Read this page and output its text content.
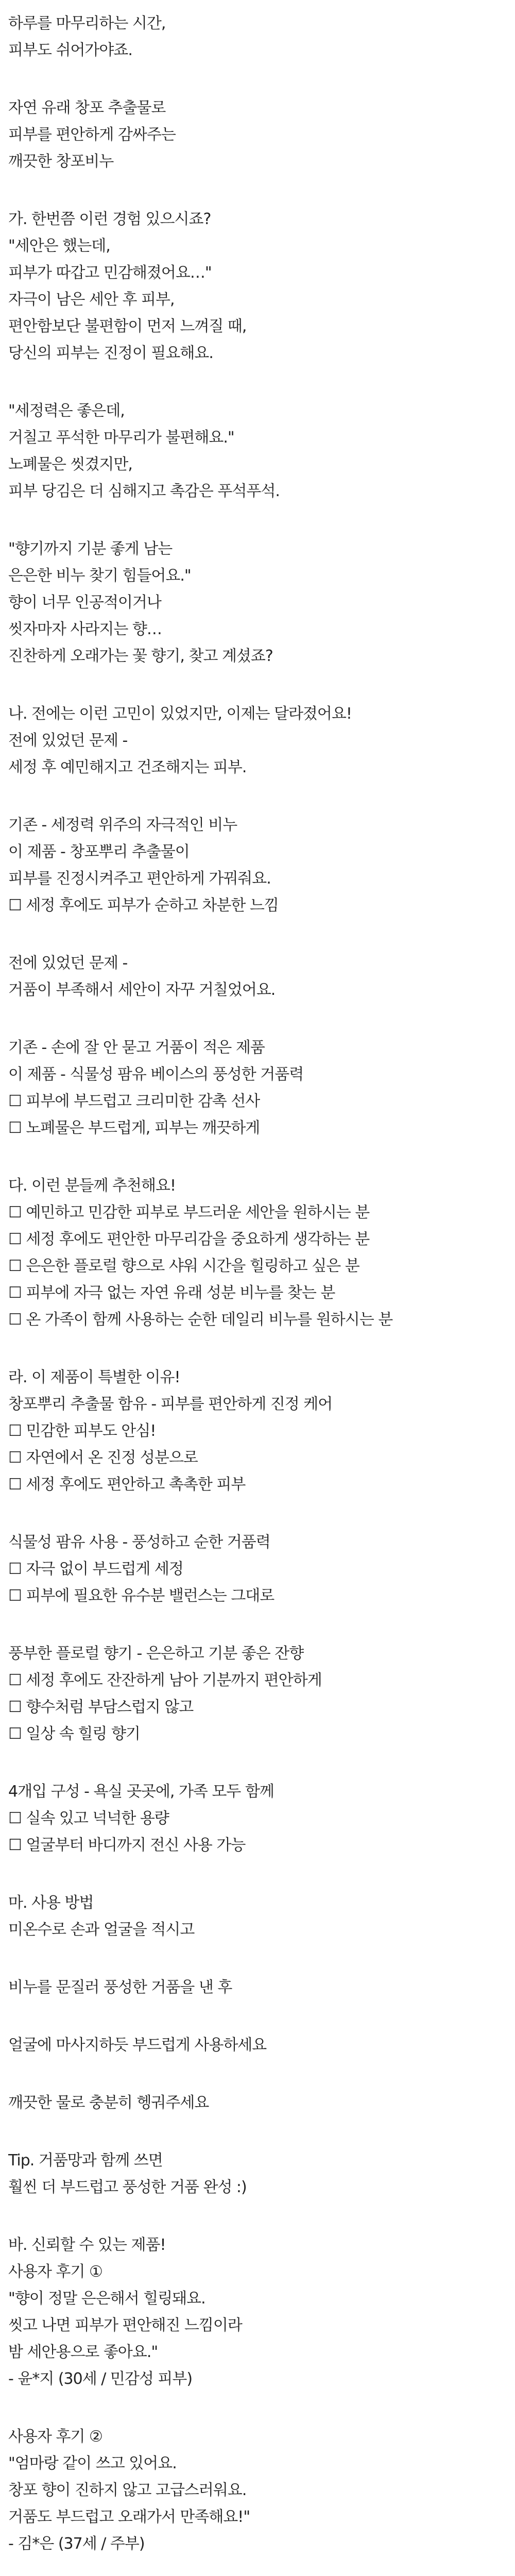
하루를 마무리하는 시간,
피부도 쉬어가야죠.
자연 유래 창포 추출물로
피부를 편안하게 감싸주는
깨끗한 창포비누
가. 한번쯤 이런 경험 있으시죠?
"세안은 했는데,
피부가 따갑고 민감해졌어요…"
자극이 남은 세안 후 피부,
편안함보단 불편함이 먼저 느껴질 때,
당신의 피부는 진정이 필요해요.
"세정력은 좋은데,
거칠고 푸석한 마무리가 불편해요."
노폐물은 씻겼지만,
피부 당김은 더 심해지고 촉감은 푸석푸석.
"향기까지 기분 좋게 남는
은은한 비누 찾기 힘들어요."
향이 너무 인공적이거나
씻자마자 사라지는 향…
진찬하게 오래가는 꽃 향기, 찾고 계셨죠?
나. 전에는 이런 고민이 있었지만, 이제는 달라졌어요!
전에 있었던 문제 -
세정 후 예민해지고 건조해지는 피부.
기존 - 세정력 위주의 자극적인 비누
이 제품 - 창포뿌리 추출물이
피부를 진정시켜주고 편안하게 가꿔줘요.
☐ 세정 후에도 피부가 순하고 차분한 느낌
전에 있었던 문제 -
거품이 부족해서 세안이 자꾸 거칠었어요.
기존 - 손에 잘 안 묻고 거품이 적은 제품
이 제품 - 식물성 팜유 베이스의 풍성한 거품력
☐ 피부에 부드럽고 크리미한 감촉 선사
☐ 노폐물은 부드럽게, 피부는 깨끗하게
다. 이런 분들께 추천해요!
☐ 예민하고 민감한 피부로 부드러운 세안을 원하시는 분
☐ 세정 후에도 편안한 마무리감을 중요하게 생각하는 분
☐ 은은한 플로럴 향으로 샤워 시간을 힐링하고 싶은 분
☐ 피부에 자극 없는 자연 유래 성분 비누를 찾는 분
☐ 온 가족이 함께 사용하는 순한 데일리 비누를 원하시는 분
라. 이 제품이 특별한 이유!
창포뿌리 추출물 함유 - 피부를 편안하게 진정 케어
☐ 민감한 피부도 안심!
☐ 자연에서 온 진정 성분으로
☐ 세정 후에도 편안하고 촉촉한 피부
식물성 팜유 사용 - 풍성하고 순한 거품력
☐ 자극 없이 부드럽게 세정
☐ 피부에 필요한 유수분 밸런스는 그대로
풍부한 플로럴 향기 - 은은하고 기분 좋은 잔향
☐ 세정 후에도 잔잔하게 남아 기분까지 편안하게
☐ 향수처럼 부담스럽지 않고
☐ 일상 속 힐링 향기
4개입 구성 - 욕실 곳곳에, 가족 모두 함께
☐ 실속 있고 넉넉한 용량
☐ 얼굴부터 바디까지 전신 사용 가능
마. 사용 방법
미온수로 손과 얼굴을 적시고
비누를 문질러 풍성한 거품을 낸 후
얼굴에 마사지하듯 부드럽게 사용하세요
깨끗한 물로 충분히 헹궈주세요
Tip. 거품망과 함께 쓰면
훨씬 더 부드럽고 풍성한 거품 완성 :)
바. 신뢰할 수 있는 제품!
사용자 후기 ①
"향이 정말 은은해서 힐링돼요.
씻고 나면 피부가 편안해진 느낌이라
밤 세안용으로 좋아요."
- 윤*지 (30세 / 민감성 피부)
사용자 후기 ②
"엄마랑 같이 쓰고 있어요.
창포 향이 진하지 않고 고급스러워요.
거품도 부드럽고 오래가서 만족해요!"
- 김*은 (37세 / 주부)
